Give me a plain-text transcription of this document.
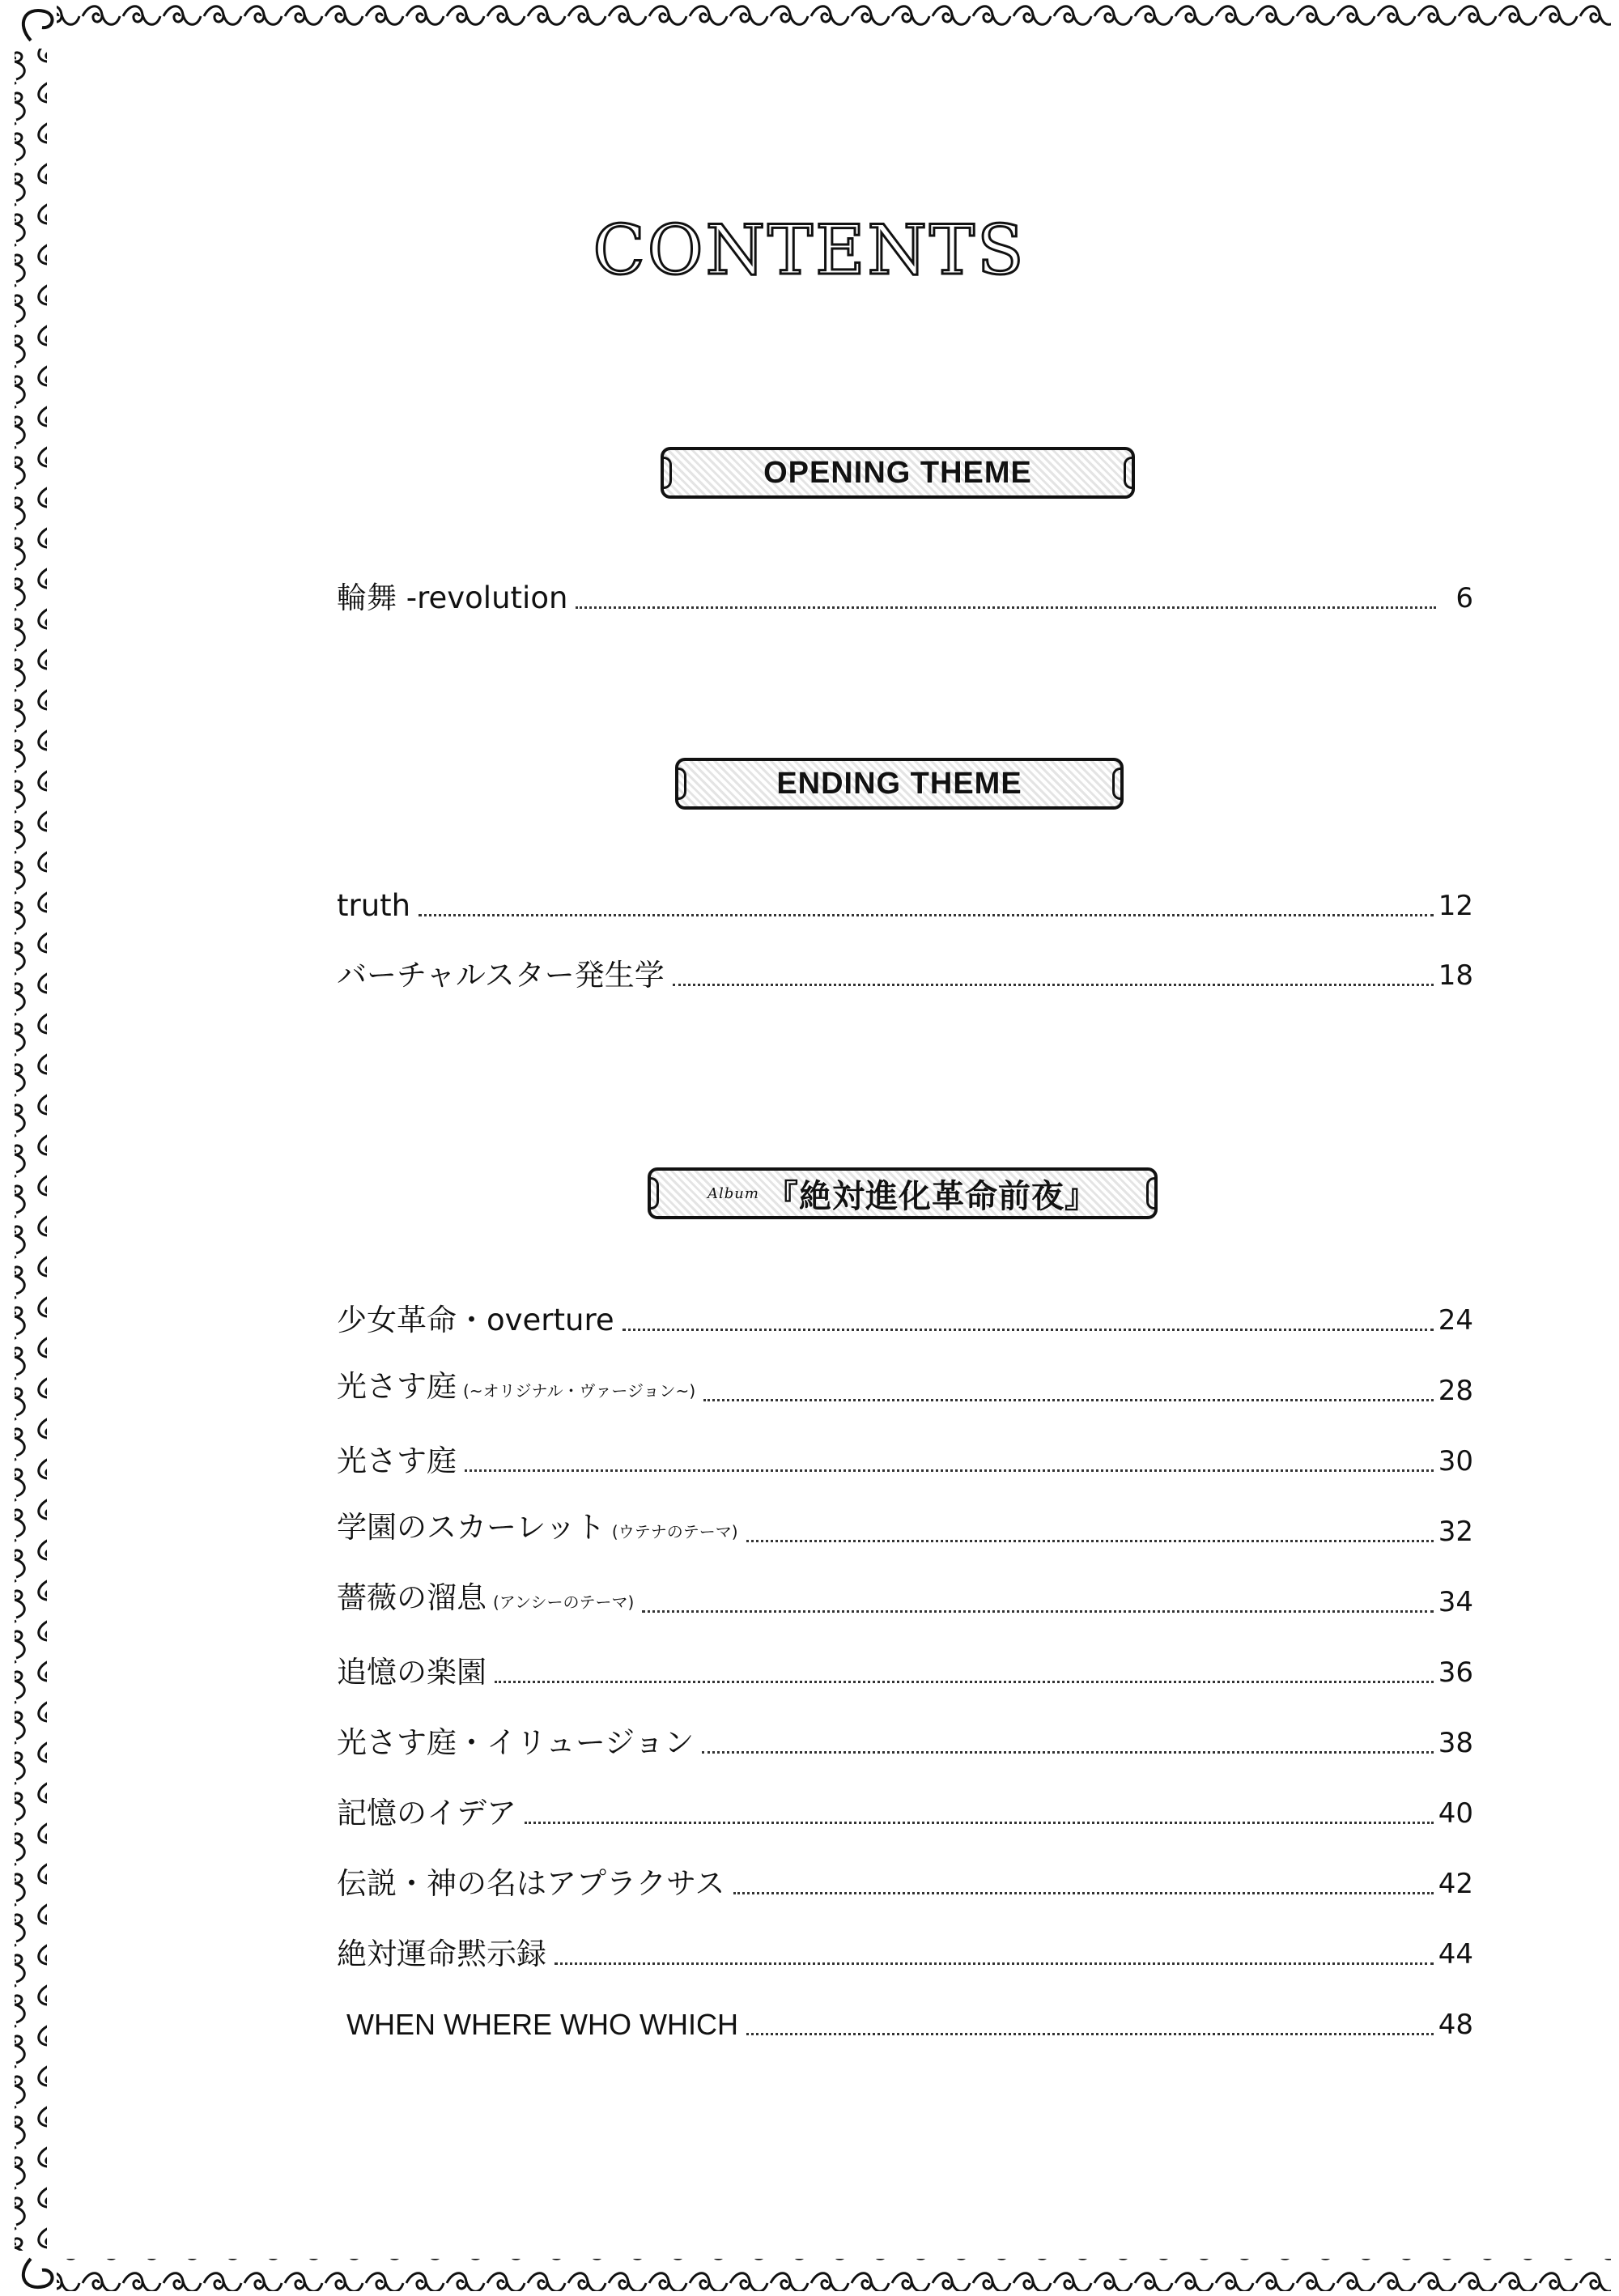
CONTENTS
OPENING THEME
輪舞 -revolution	6
ENDING THEME
truth	12
バーチャルスター発生学	18
Album 『絶対進化革命前夜』
少女革命・overture	24
光さす庭 (~オリジナル・ヴァージョン~)	28
光さす庭	30
学園のスカーレット (ウテナのテーマ)	32
薔薇の溜息 (アンシーのテーマ)	34
追憶の楽園	36
光さす庭・イリュージョン	38
記憶のイデア	40
伝説・神の名はアプラクサス	42
絶対運命黙示録	44
WHEN WHERE WHO WHICH	48
